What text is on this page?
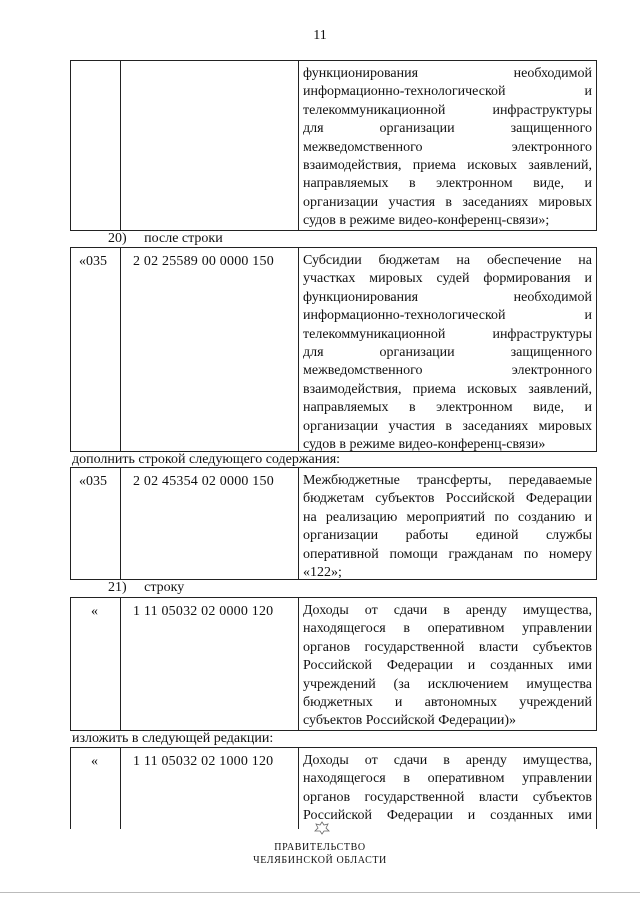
11
функционирования необходимой
информационно-технологической и
телекоммуникационной инфраструктуры
для организации защищенного
межведомственного электронного
взаимодействия, приема исковых заявлений,
направляемых в электронном виде, и
организации участия в заседаниях мировых
судов в режиме видео-конференц-связи»;
20) после строки
«035 2 02 25589 00 0000 150 Субсидии бюджетам на обеспечение на
участках мировых судей формирования и
функционирования необходимой
информационно-технологической и
телекоммуникационной инфраструктуры
для организации защищенного
межведомственного электронного
взаимодействия, приема исковых заявлений,
направляемых в электронном виде, и
организации участия в заседаниях мировых
судов в режиме видео-конференц-связи»
дополнить строкой следующего содержания:
«035 2 02 45354 02 0000 150 Межбюджетные трансферты, передаваемые
бюджетам субъектов Российской Федерации
на реализацию мероприятий по созданию и
организации работы единой службы
оперативной помощи гражданам по номеру
«122»;
21) строку
«	1 11 05032 02 0000 120 Доходы от сдачи в аренду имущества,
находящегося в оперативном управлении
органов государственной власти субъектов
Российской Федерации и созданных ими
учреждений (за исключением имущества
бюджетных и автономных учреждений
субъектов Российской Федерации)»
изложить в следующей редакции:
«	1 11 05032 02 1000 120 Доходы от сдачи в аренду имущества,
находящегося в оперативном управлении
органов государственной власти субъектов
Российской Федерации и созданных ими
ПРАВИТЕЛЬСТВО
ЧЕЛЯБИНСКОЙ ОБЛАСТИ
